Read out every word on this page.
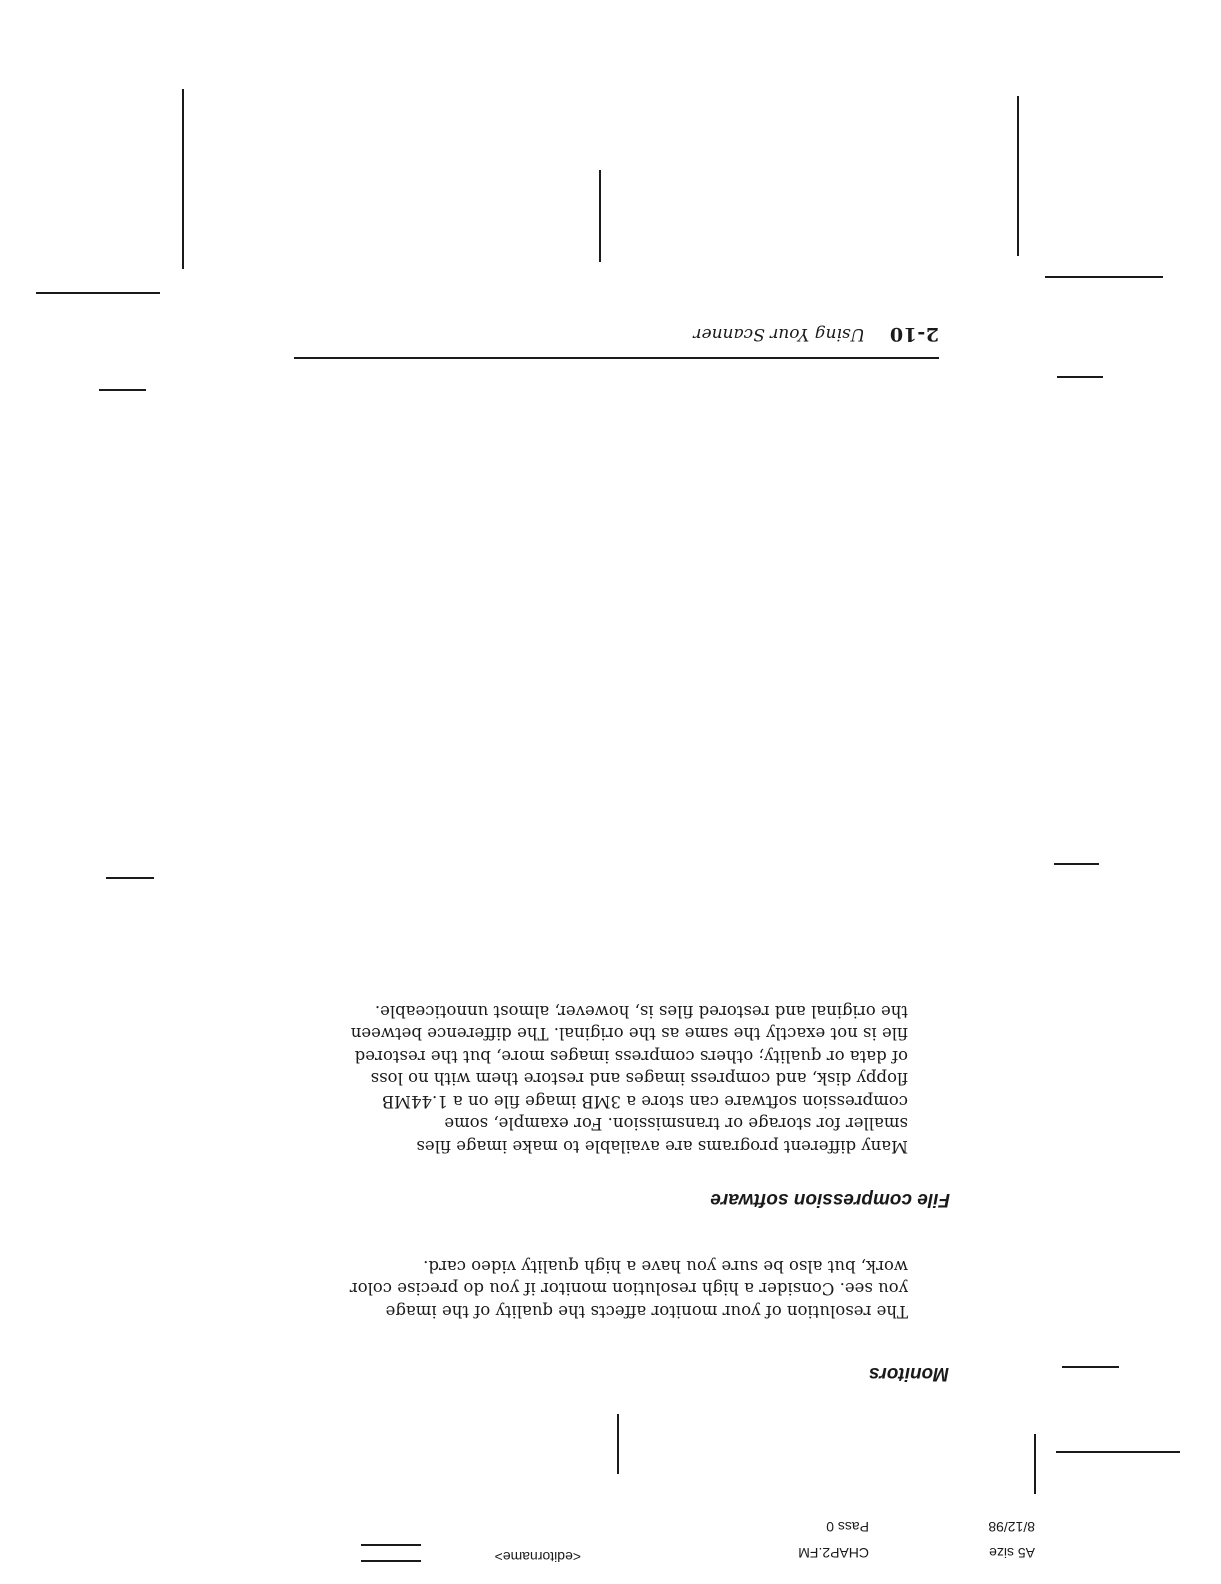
2-10
Using Your Scanner
File compression software
Many different programs are available to make image files
smaller for storage or transmission. For example, some
compression software can store a 3MB image file on a 1.44MB
floppy disk, and compress images and restore them with no loss
of data or quality; others compress images more, but the restored
file is not exactly the same as the original. The difference between
the original and restored files is, however, almost unnoticeable.
Monitors
The resolution of your monitor affects the quality of the image
you see. Consider a high resolution monitor if you do precise color
work, but also be sure you have a high quality video card.
8/12/98
A5 size
Pass 0
CHAP2.FM
<editorname>
